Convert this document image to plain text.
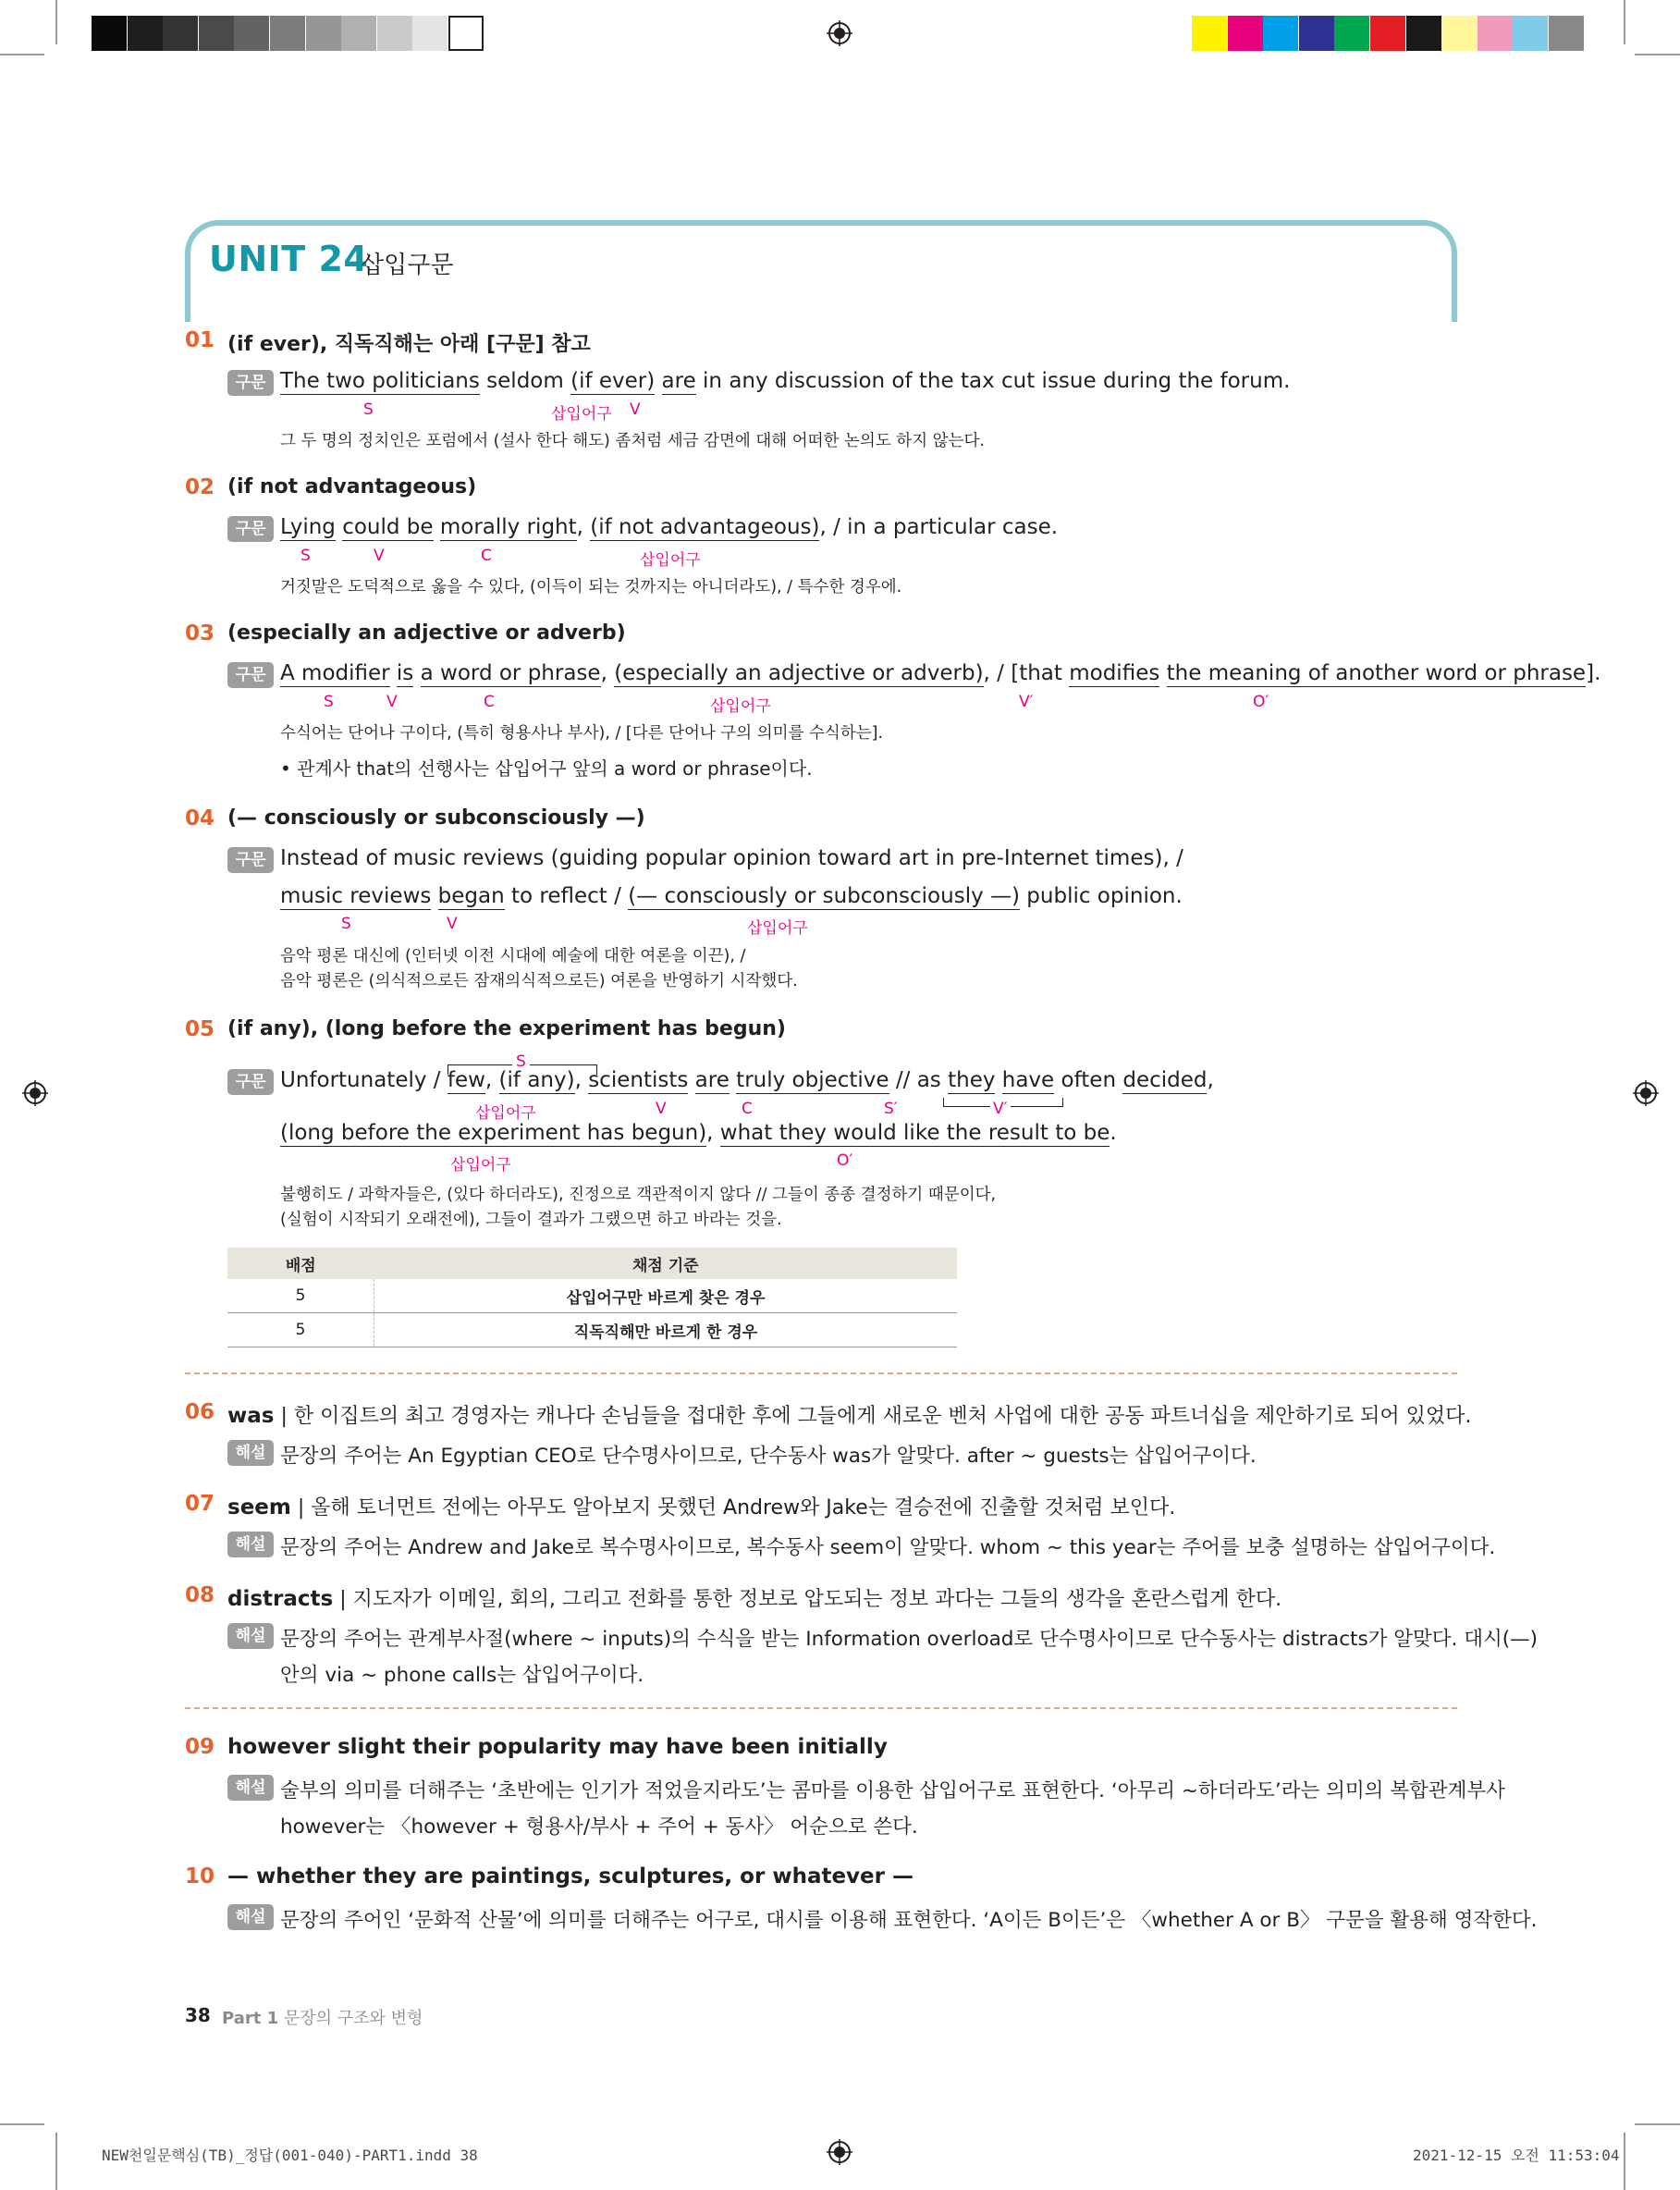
UNIT 24
삽입구문
01 (if ever), 직독직해는 아래 [구문] 참고
구문 The two politicians seldom (if ever) are in any discussion of the tax cut issue during the forum.
S	삽입어구 V
그 두 명의 정치인은 포럼에서 (설사 한다 해도) 좀처럼 세금 감면에 대해 어떠한 논의도 하지 않는다.
02 (if not advantageous)
구문 Lying could be morally right, (if not advantageous), / in a particular case.
S	V	C	삽입어구
거짓말은 도덕적으로 옳을 수 있다, (이득이 되는 것까지는 아니더라도), / 특수한 경우에.
03 (especially an adjective or adverb)
구문 A modifier is a word or phrase, (especially an adjective or adverb), / [that modifies the meaning of another word or phrase].
S	V	C	삽입어구	V′	O′
수식어는 단어나 구이다, (특히 형용사나 부사), / [다른 단어나 구의 의미를 수식하는].
• 관계사 that의 선행사는 삽입어구 앞의 a word or phrase이다.
04 (— consciously or subconsciously —)
구문 Instead of music reviews (guiding popular opinion toward art in pre-Internet times), /
music reviews began to reflect / (— consciously or subconsciously —) public opinion.
S	V	삽입어구
음악 평론 대신에 (인터넷 이전 시대에 예술에 대한 여론을 이끈), /
음악 평론은 (의식적으로든 잠재의식적으로든) 여론을 반영하기 시작했다.
05 (if any), (long before the experiment has begun)
S
구문 Unfortunately / few, (if any), scientists are truly objective // as they have often decided,
삽입어구	V	C	S′	V′
(long before the experiment has begun), what they would like the result to be.
삽입어구	O′
불행히도 / 과학자들은, (있다 하더라도), 진정으로 객관적이지 않다 // 그들이 종종 결정하기 때문이다,
(실험이 시작되기 오래전에), 그들이 결과가 그랬으면 하고 바라는 것을.
배점	채점 기준
5	삽입어구만 바르게 찾은 경우
5	직독직해만 바르게 한 경우
06 was | 한 이집트의 최고 경영자는 캐나다 손님들을 접대한 후에 그들에게 새로운 벤처 사업에 대한 공동 파트너십을 제안하기로 되어 있었다.
해설 문장의 주어는 An Egyptian CEO로 단수명사이므로, 단수동사 was가 알맞다. after ~ guests는 삽입어구이다.
07 seem | 올해 토너먼트 전에는 아무도 알아보지 못했던 Andrew와 Jake는 결승전에 진출할 것처럼 보인다.
해설 문장의 주어는 Andrew and Jake로 복수명사이므로, 복수동사 seem이 알맞다. whom ~ this year는 주어를 보충 설명하는 삽입어구이다.
08 distracts | 지도자가 이메일, 회의, 그리고 전화를 통한 정보로 압도되는 정보 과다는 그들의 생각을 혼란스럽게 한다.
해설 문장의 주어는 관계부사절(where ~ inputs)의 수식을 받는 Information overload로 단수명사이므로 단수동사는 distracts가 알맞다. 대시(—)
안의 via ~ phone calls는 삽입어구이다.
09 however slight their popularity may have been initially
해설 술부의 의미를 더해주는 ‘초반에는 인기가 적었을지라도’는 콤마를 이용한 삽입어구로 표현한다. ‘아무리 ~하더라도’라는 의미의 복합관계부사
however는 〈however + 형용사/부사 + 주어 + 동사〉 어순으로 쓴다.
10 — whether they are paintings, sculptures, or whatever —
해설 문장의 주어인 ‘문화적 산물’에 의미를 더해주는 어구로, 대시를 이용해 표현한다. ‘A이든 B이든’은 〈whether A or B〉 구문을 활용해 영작한다.
38 Part 1 문장의 구조와 변형
NEW천일문핵심(TB)_정답(001-040)-PART1.indd 38	2021-12-15 오전 11:53:04
